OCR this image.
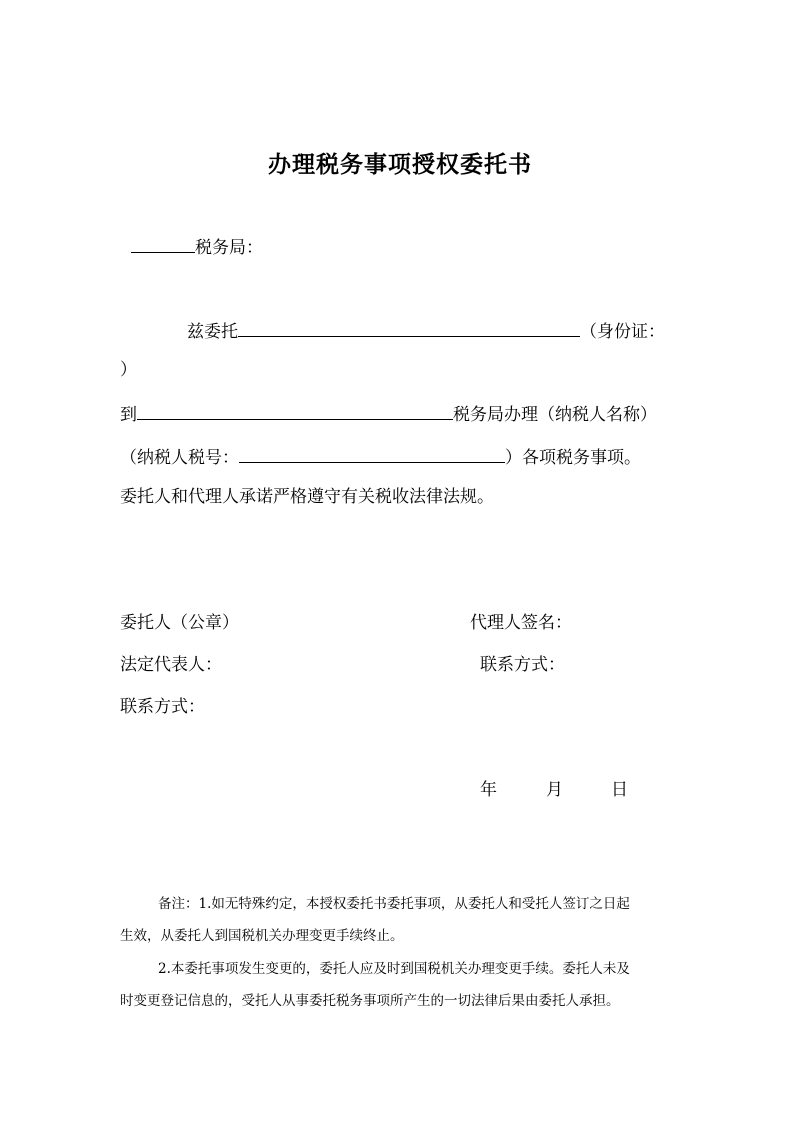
办理税务事项授权委托书
税务局：
兹委托	（身份证：
）
到	税务局办理（纳税人名称）
（纳税人税号：	）各项税务事项。
委托人和代理人承诺严格遵守有关税收法律法规。
委托人（公章）	代理人签名：
法定代表人：	联系方式：
联系方式：
年	月	日
备注：1.如无特殊约定，本授权委托书委托事项，从委托人和受托人签订之日起
生效，从委托人到国税机关办理变更手续终止。
2.本委托事项发生变更的，委托人应及时到国税机关办理变更手续。委托人未及
时变更登记信息的，受托人从事委托税务事项所产生的一切法律后果由委托人承担。
